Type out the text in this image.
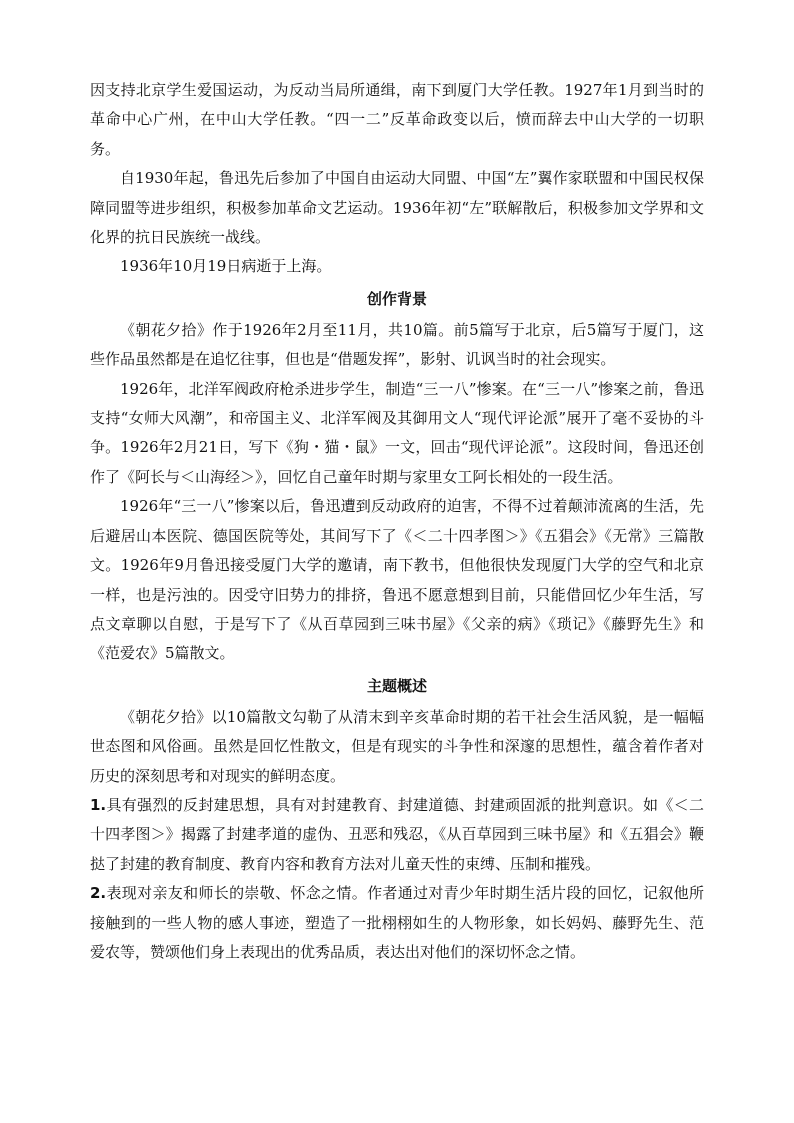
因支持北京学生爱国运动，为反动当局所通缉，南下到厦门大学任教。1927年1月到当时的革命中心广州，在中山大学任教。“四一二”反革命政变以后，愤而辞去中山大学的一切职务。

自1930年起，鲁迅先后参加了中国自由运动大同盟、中国“左”翼作家联盟和中国民权保障同盟等进步组织，积极参加革命文艺运动。1936年初“左”联解散后，积极参加文学界和文化界的抗日民族统一战线。

1936年10月19日病逝于上海。

创作背景

《朝花夕拾》作于1926年2月至11月，共10篇。前5篇写于北京，后5篇写于厦门，这些作品虽然都是在追忆往事，但也是“借题发挥”，影射、讥讽当时的社会现实。

1926年，北洋军阀政府枪杀进步学生，制造“三一八”惨案。在“三一八”惨案之前，鲁迅支持“女师大风潮”，和帝国主义、北洋军阀及其御用文人“现代评论派”展开了毫不妥协的斗争。1926年2月21日，写下《狗・猫・鼠》一文，回击“现代评论派”。这段时间，鲁迅还创作了《阿长与＜山海经＞》，回忆自己童年时期与家里女工阿长相处的一段生活。

1926年“三一八”惨案以后，鲁迅遭到反动政府的迫害，不得不过着颠沛流离的生活，先后避居山本医院、德国医院等处，其间写下了《＜二十四孝图＞》《五猖会》《无常》三篇散文。1926年9月鲁迅接受厦门大学的邀请，南下教书，但他很快发现厦门大学的空气和北京一样，也是污浊的。因受守旧势力的排挤，鲁迅不愿意想到目前，只能借回忆少年生活，写点文章聊以自慰，于是写下了《从百草园到三味书屋》《父亲的病》《琐记》《藤野先生》和《范爱农》5篇散文。

主题概述

《朝花夕拾》以10篇散文勾勒了从清末到辛亥革命时期的若干社会生活风貌，是一幅幅世态图和风俗画。虽然是回忆性散文，但是有现实的斗争性和深邃的思想性，蕴含着作者对历史的深刻思考和对现实的鲜明态度。

1.具有强烈的反封建思想，具有对封建教育、封建道德、封建顽固派的批判意识。如《＜二十四孝图＞》揭露了封建孝道的虚伪、丑恶和残忍，《从百草园到三味书屋》和《五猖会》鞭挞了封建的教育制度、教育内容和教育方法对儿童天性的束缚、压制和摧残。

2.表现对亲友和师长的崇敬、怀念之情。作者通过对青少年时期生活片段的回忆，记叙他所接触到的一些人物的感人事迹，塑造了一批栩栩如生的人物形象，如长妈妈、藤野先生、范爱农等，赞颂他们身上表现出的优秀品质，表达出对他们的深切怀念之情。
